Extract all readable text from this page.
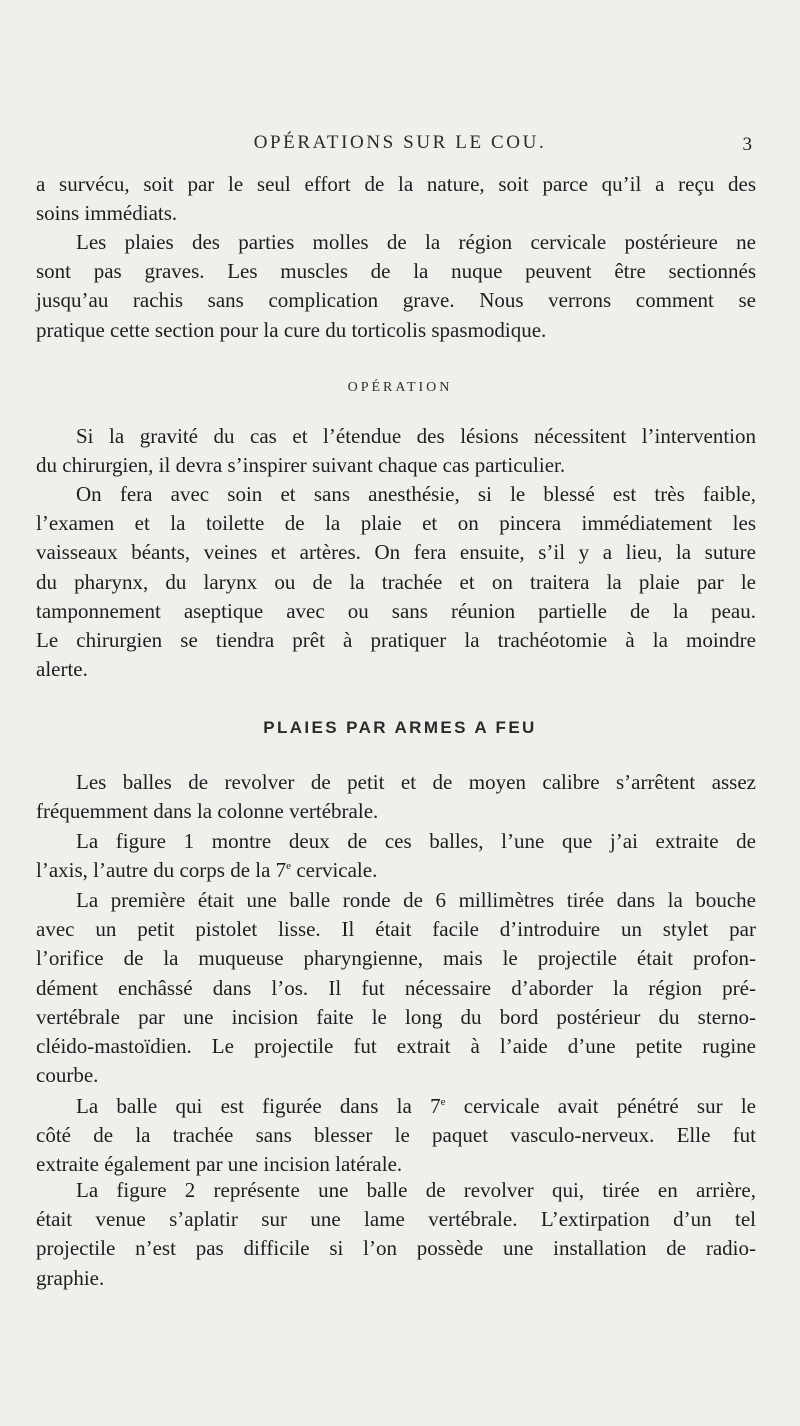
OPÉRATIONS SUR LE COU.	3
a survécu, soit par le seul effort de la nature, soit parce qu’il a reçu des
soins immédiats.
Les plaies des parties molles de la région cervicale postérieure ne
sont pas graves. Les muscles de la nuque peuvent être sectionnés
jusqu’au rachis sans complication grave. Nous verrons comment se
pratique cette section pour la cure du torticolis spasmodique.
OPÉRATION
Si la gravité du cas et l’étendue des lésions nécessitent l’intervention
du chirurgien, il devra s’inspirer suivant chaque cas particulier.
On fera avec soin et sans anesthésie, si le blessé est très faible,
l’examen et la toilette de la plaie et on pincera immédiatement les
vaisseaux béants, veines et artères. On fera ensuite, s’il y a lieu, la suture
du pharynx, du larynx ou de la trachée et on traitera la plaie par le
tamponnement aseptique avec ou sans réunion partielle de la peau.
Le chirurgien se tiendra prêt à pratiquer la trachéotomie à la moindre
alerte.
PLAIES PAR ARMES A FEU
Les balles de revolver de petit et de moyen calibre s’arrêtent assez
fréquemment dans la colonne vertébrale.
La figure 1 montre deux de ces balles, l’une que j’ai extraite de
l’axis, l’autre du corps de la 7e cervicale.
La première était une balle ronde de 6 millimètres tirée dans la bouche
avec un petit pistolet lisse. Il était facile d’introduire un stylet par
l’orifice de la muqueuse pharyngienne, mais le projectile était profon-
dément enchâssé dans l’os. Il fut nécessaire d’aborder la région pré-
vertébrale par une incision faite le long du bord postérieur du sterno-
cléido-mastoïdien. Le projectile fut extrait à l’aide d’une petite rugine
courbe.
La balle qui est figurée dans la 7e cervicale avait pénétré sur le
côté de la trachée sans blesser le paquet vasculo-nerveux. Elle fut
extraite également par une incision latérale.
La figure 2 représente une balle de revolver qui, tirée en arrière,
était venue s’aplatir sur une lame vertébrale. L’extirpation d’un tel
projectile n’est pas difficile si l’on possède une installation de radio-
graphie.
